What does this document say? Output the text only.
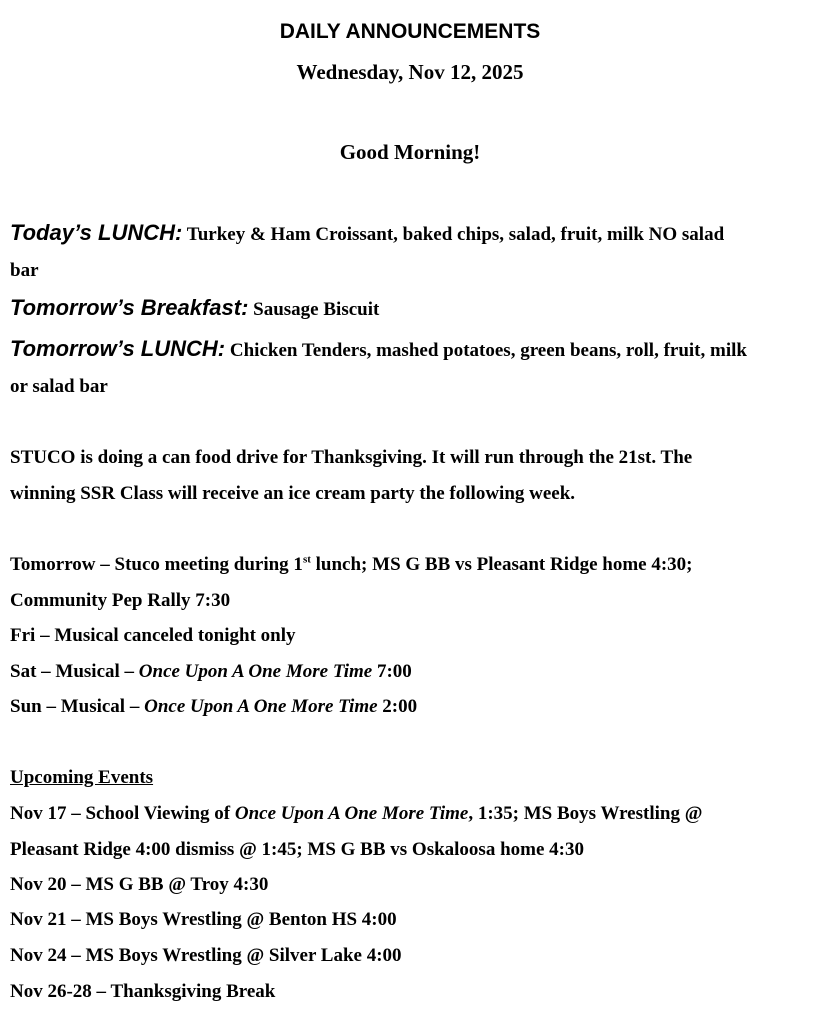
DAILY ANNOUNCEMENTS
Wednesday, Nov 12, 2025
Good Morning!
Today’s LUNCH: Turkey & Ham Croissant, baked chips, salad, fruit, milk NO salad
bar
Tomorrow’s Breakfast: Sausage Biscuit
Tomorrow’s LUNCH: Chicken Tenders, mashed potatoes, green beans, roll, fruit, milk
or salad bar
STUCO is doing a can food drive for Thanksgiving. It will run through the 21st. The
winning SSR Class will receive an ice cream party the following week.
Tomorrow – Stuco meeting during 1st lunch; MS G BB vs Pleasant Ridge home 4:30;
Community Pep Rally 7:30
Fri – Musical canceled tonight only
Sat – Musical – Once Upon A One More Time 7:00
Sun – Musical – Once Upon A One More Time 2:00
Upcoming Events
Nov 17 – School Viewing of Once Upon A One More Time, 1:35; MS Boys Wrestling @
Pleasant Ridge 4:00 dismiss @ 1:45; MS G BB vs Oskaloosa home 4:30
Nov 20 – MS G BB @ Troy 4:30
Nov 21 – MS Boys Wrestling @ Benton HS 4:00
Nov 24 – MS Boys Wrestling @ Silver Lake 4:00
Nov 26-28 – Thanksgiving Break
